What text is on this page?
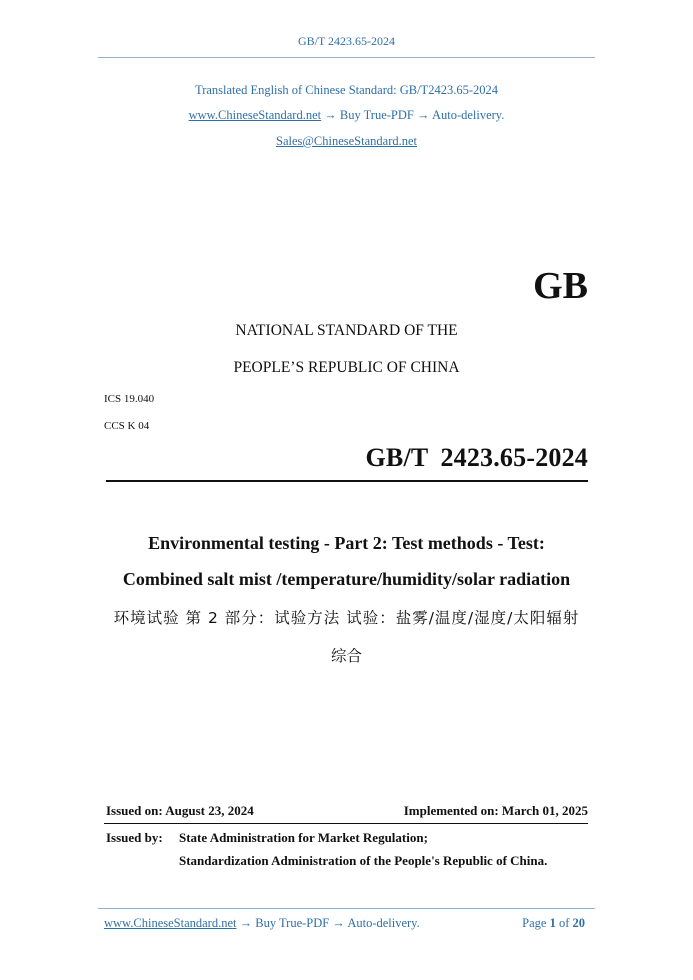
GB/T 2423.65-2024
Translated English of Chinese Standard: GB/T2423.65-2024
www.ChineseStandard.net → Buy True-PDF → Auto-delivery.
Sales@ChineseStandard.net
GB
NATIONAL STANDARD OF THE
PEOPLE’S REPUBLIC OF CHINA
ICS 19.040
CCS K 04
GB/T 2423.65-2024
Environmental testing - Part 2: Test methods - Test:
Combined salt mist /temperature/humidity/solar radiation
环境试验 第 2 部分：试验方法 试验：盐雾/温度/湿度/太阳辐射
综合
Issued on: August 23, 2024	Implemented on: March 01, 2025
Issued by: State Administration for Market Regulation;
Standardization Administration of the People's Republic of China.
www.ChineseStandard.net → Buy True-PDF → Auto-delivery.	Page 1 of 20
